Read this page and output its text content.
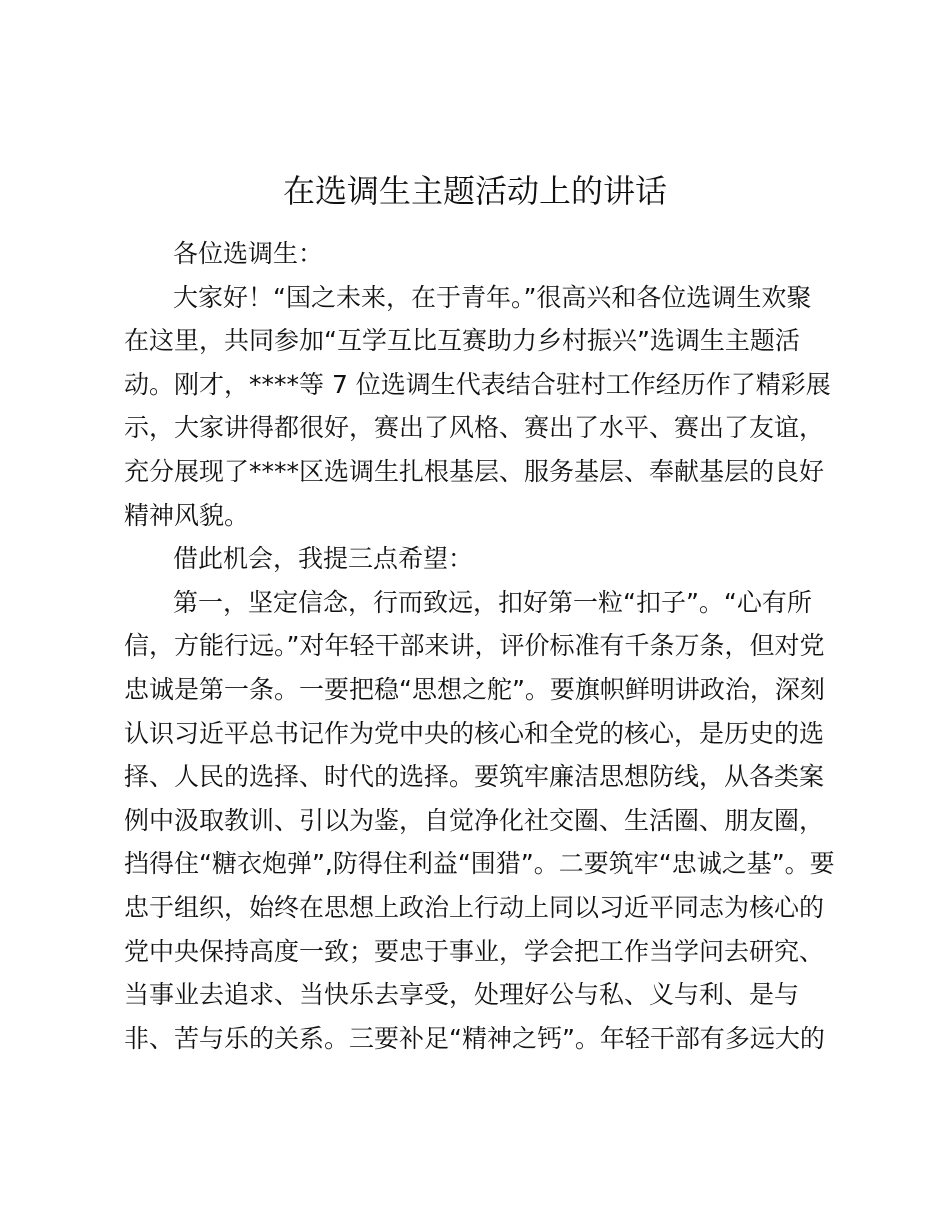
在选调生主题活动上的讲话
各位选调生：
大家好！“国之未来，在于青年。”很高兴和各位选调生欢聚
在这里，共同参加“互学互比互赛助力乡村振兴”选调生主题活
动。刚才，****等 7 位选调生代表结合驻村工作经历作了精彩展
示，大家讲得都很好，赛出了风格、赛出了水平、赛出了友谊，
充分展现了****区选调生扎根基层、服务基层、奉献基层的良好
精神风貌。
借此机会，我提三点希望：
第一，坚定信念，行而致远，扣好第一粒“扣子”。“心有所
信，方能行远。”对年轻干部来讲，评价标准有千条万条，但对党
忠诚是第一条。一要把稳“思想之舵”。要旗帜鲜明讲政治，深刻
认识习近平总书记作为党中央的核心和全党的核心，是历史的选
择、人民的选择、时代的选择。要筑牢廉洁思想防线，从各类案
例中汲取教训、引以为鉴，自觉净化社交圈、生活圈、朋友圈，
挡得住“糖衣炮弹”,防得住利益“围猎”。二要筑牢“忠诚之基”。要
忠于组织，始终在思想上政治上行动上同以习近平同志为核心的
党中央保持高度一致；要忠于事业，学会把工作当学问去研究、
当事业去追求、当快乐去享受，处理好公与私、义与利、是与
非、苦与乐的关系。三要补足“精神之钙”。年轻干部有多远大的
